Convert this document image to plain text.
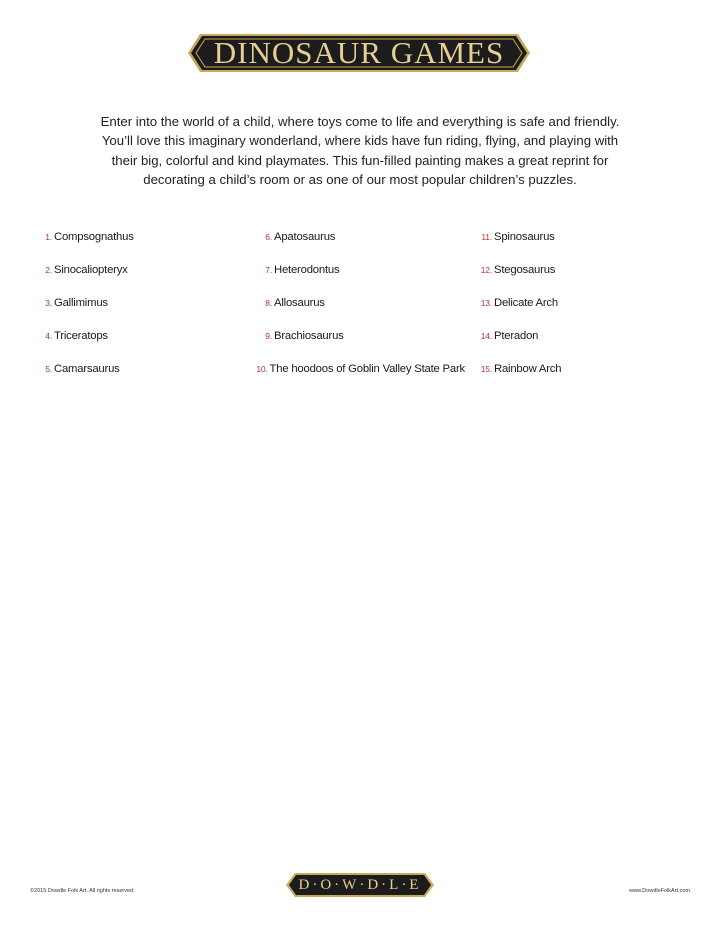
DINOSAUR GAMES

Enter into the world of a child, where toys come to life and everything is safe and friendly. You’ll love this imaginary wonderland, where kids have fun riding, flying, and playing with their big, colorful and kind playmates. This fun-filled painting makes a great reprint for decorating a child’s room or as one of our most popular children’s puzzles.

1. Compsognathus
2. Sinocaliopteryx
3. Gallimimus
4. Triceratops
5. Camarsaurus
6. Apatosaurus
7. Heterodontus
8. Allosaurus
9. Brachiosaurus
10. The hoodoos of Goblin Valley State Park
11. Spinosaurus
12. Stegosaurus
13. Delicate Arch
14. Pteradon
15. Rainbow Arch
©2015 Dowdle Folk Art. All rights reserved.	D·O·W·D·L·E	www.DowdleFolkArt.com
